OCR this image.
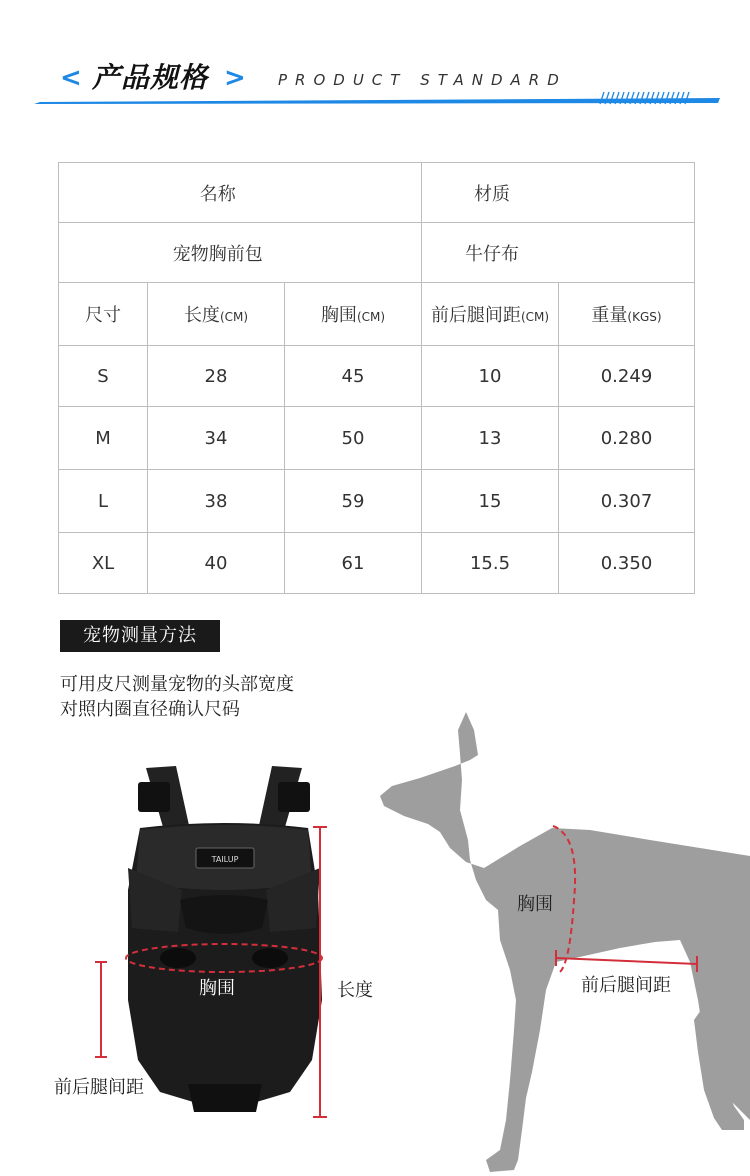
< 产品规格 > PRODUCT STANDARD
名称			材质	
宠物胸前包			牛仔布	
尺寸	长度(CM)	胸围(CM)	前后腿间距(CM)	重量(KGS)
S	28	45	10	0.249
M	34	50	13	0.280
L	38	59	15	0.307
XL	40	61	15.5	0.350
宠物测量方法
可用皮尺测量宠物的头部宽度
对照内圈直径确认尺码
TAILUP
胸围	长度
前后腿间距
胸围
前后腿间距
